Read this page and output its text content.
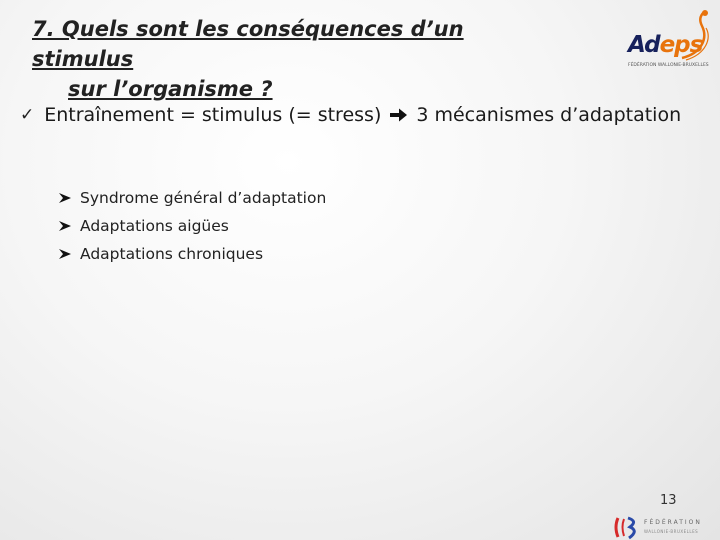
7. Quels sont les conséquences d’un stimulus
sur l’organisme ?
Adeps
FÉDÉRATION WALLONIE-BRUXELLES
✓ Entraînement = stimulus (= stress) 3 mécanismes d’adaptation
Syndrome général d’adaptation
Adaptations aigües
Adaptations chroniques
13
FÉDÉRATION
WALLONIE-BRUXELLES
